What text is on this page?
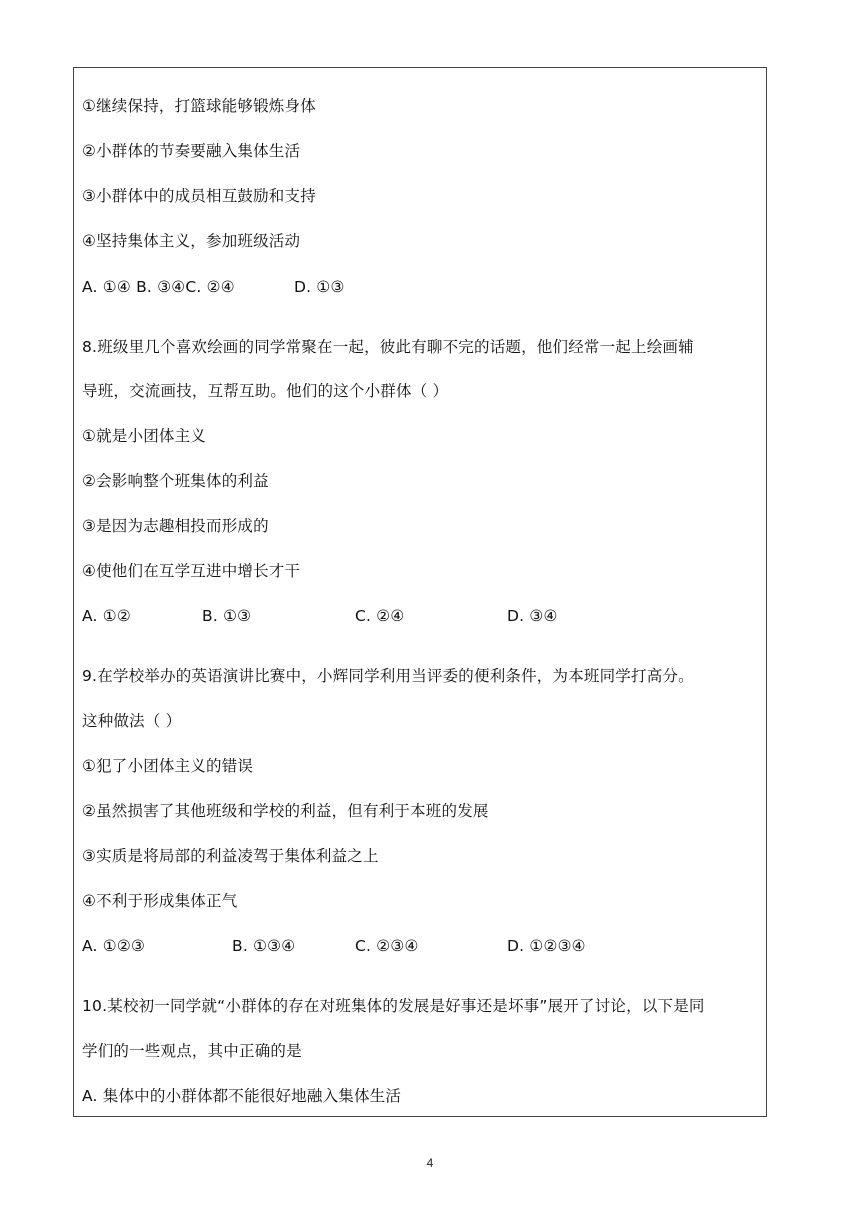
①继续保持，打篮球能够锻炼身体
②小群体的节奏要融入集体生活
③小群体中的成员相互鼓励和支持
④坚持集体主义，参加班级活动
A. ①④ B. ③④C. ②④	D. ①③
8.班级里几个喜欢绘画的同学常聚在一起，彼此有聊不完的话题，他们经常一起上绘画辅
导班，交流画技，互帮互助。他们的这个小群体（ ）
①就是小团体主义
②会影响整个班集体的利益
③是因为志趣相投而形成的
④使他们在互学互进中增长才干
A. ①②	B. ①③	C. ②④	D. ③④
9.在学校举办的英语演讲比赛中，小辉同学利用当评委的便利条件，为本班同学打高分。
这种做法（ ）
①犯了小团体主义的错误
②虽然损害了其他班级和学校的利益，但有利于本班的发展
③实质是将局部的利益凌驾于集体利益之上
④不利于形成集体正气
A. ①②③	B. ①③④	C. ②③④	D. ①②③④
10.某校初一同学就“小群体的存在对班集体的发展是好事还是坏事”展开了讨论，以下是同
学们的一些观点，其中正确的是
A. 集体中的小群体都不能很好地融入集体生活
4
